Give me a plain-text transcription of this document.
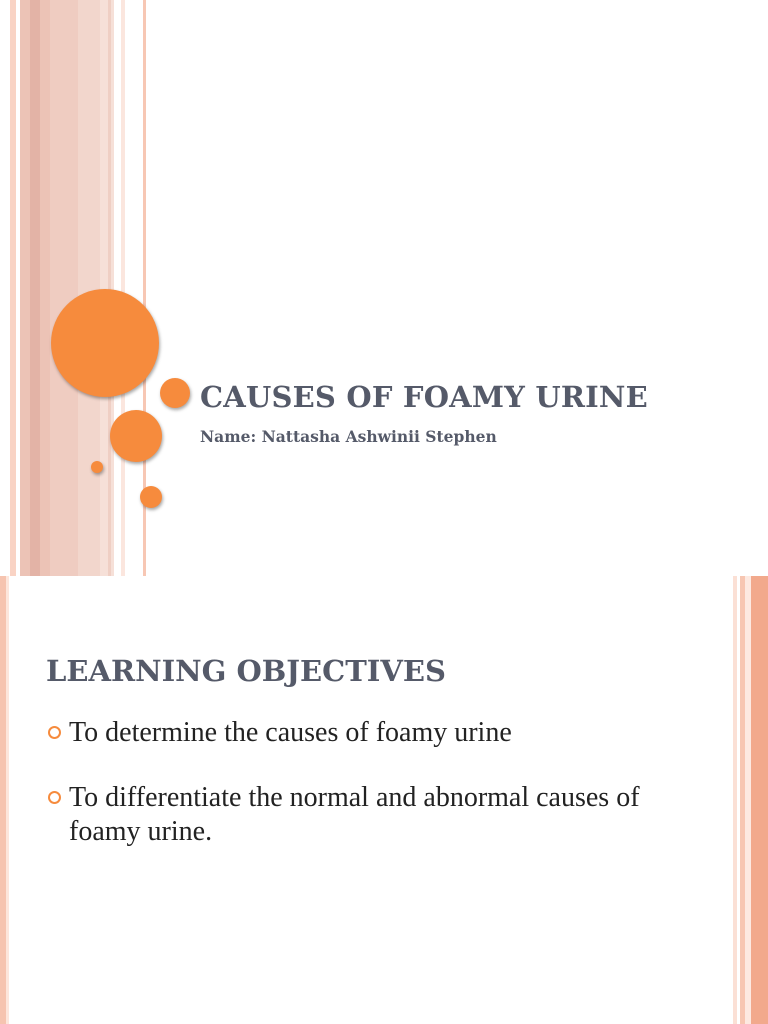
CAUSES OF FOAMY URINE
Name: Nattasha Ashwinii Stephen
LEARNING OBJECTIVES
To determine the causes of foamy urine
To differentiate the normal and abnormal causes of foamy urine.
